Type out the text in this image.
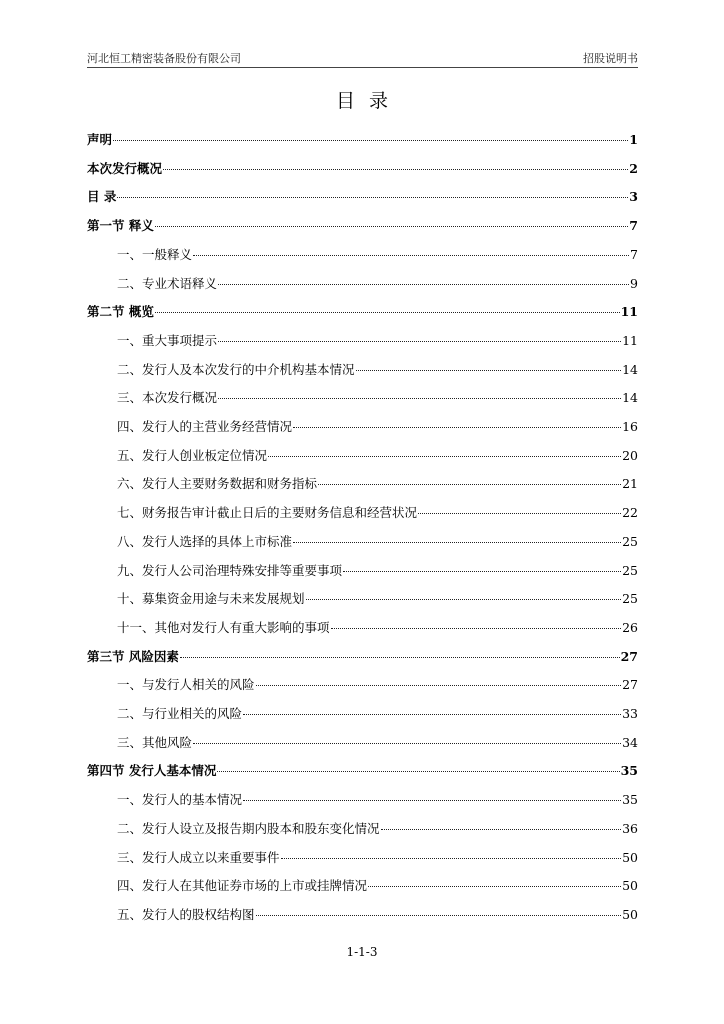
河北恒工精密装备股份有限公司	招股说明书
目录
声明	1
本次发行概况	2
目 录	3
第一节 释义	7
一、一般释义	7
二、专业术语释义	9
第二节 概览	11
一、重大事项提示	11
二、发行人及本次发行的中介机构基本情况	14
三、本次发行概况	14
四、发行人的主营业务经营情况	16
五、发行人创业板定位情况	20
六、发行人主要财务数据和财务指标	21
七、财务报告审计截止日后的主要财务信息和经营状况	22
八、发行人选择的具体上市标准	25
九、发行人公司治理特殊安排等重要事项	25
十、募集资金用途与未来发展规划	25
十一、其他对发行人有重大影响的事项	26
第三节 风险因素	27
一、与发行人相关的风险	27
二、与行业相关的风险	33
三、其他风险	34
第四节 发行人基本情况	35
一、发行人的基本情况	35
二、发行人设立及报告期内股本和股东变化情况	36
三、发行人成立以来重要事件	50
四、发行人在其他证券市场的上市或挂牌情况	50
五、发行人的股权结构图	50
1-1-3
